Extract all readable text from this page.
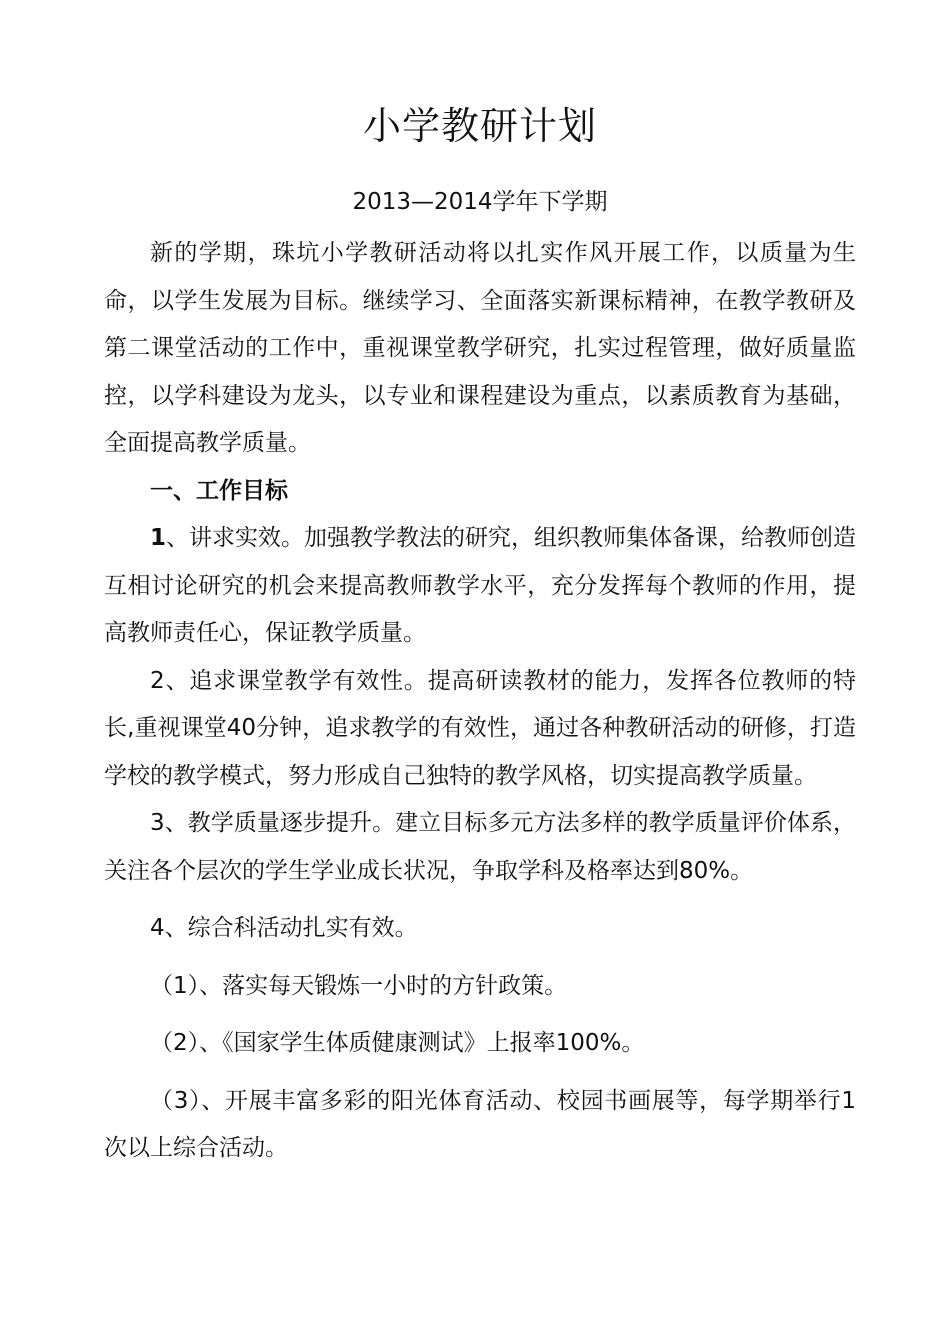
小学教研计划
2013—2014学年下学期

新的学期，珠坑小学教研活动将以扎实作风开展工作，以质量为生命，以学生发展为目标。继续学习、全面落实新课标精神，在教学教研及第二课堂活动的工作中，重视课堂教学研究，扎实过程管理，做好质量监控，以学科建设为龙头，以专业和课程建设为重点，以素质教育为基础，全面提高教学质量。

一、工作目标

1、讲求实效。加强教学教法的研究，组织教师集体备课，给教师创造互相讨论研究的机会来提高教师教学水平，充分发挥每个教师的作用，提高教师责任心，保证教学质量。

2、追求课堂教学有效性。提高研读教材的能力，发挥各位教师的特长,重视课堂40分钟，追求教学的有效性，通过各种教研活动的研修，打造学校的教学模式，努力形成自己独特的教学风格，切实提高教学质量。

3、教学质量逐步提升。建立目标多元方法多样的教学质量评价体系，关注各个层次的学生学业成长状况，争取学科及格率达到80%。

4、综合科活动扎实有效。

（1）、落实每天锻炼一小时的方针政策。

（2）、《国家学生体质健康测试》上报率100%。

（3）、开展丰富多彩的阳光体育活动、校园书画展等，每学期举行1次以上综合活动。
